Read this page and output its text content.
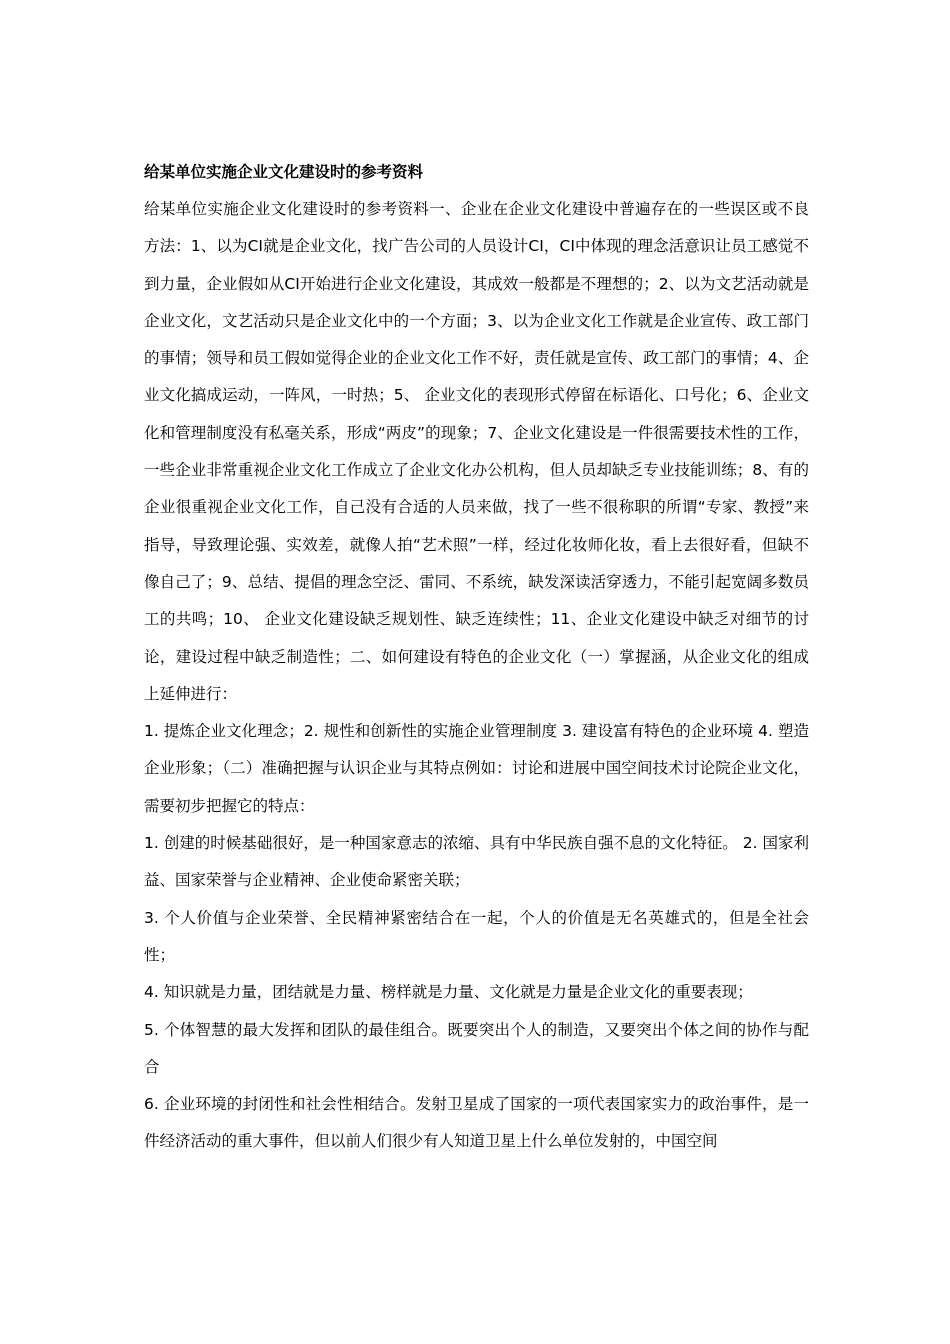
给某单位实施企业文化建设时的参考资料

给某单位实施企业文化建设时的参考资料一、企业在企业文化建设中普遍存在的一些误区或不良方法：1、以为CI就是企业文化，找广告公司的人员设计CI，CI中体现的理念活意识让员工感觉不到力量，企业假如从CI开始进行企业文化建设，其成效一般都是不理想的；2、以为文艺活动就是企业文化，文艺活动只是企业文化中的一个方面；3、以为企业文化工作就是企业宣传、政工部门的事情；领导和员工假如觉得企业的企业文化工作不好，责任就是宣传、政工部门的事情；4、企业文化搞成运动，一阵风，一时热；5、 企业文化的表现形式停留在标语化、口号化；6、企业文化和管理制度没有私毫关系，形成“两皮”的现象；7、企业文化建设是一件很需要技术性的工作，一些企业非常重视企业文化工作成立了企业文化办公机构，但人员却缺乏专业技能训练；8、有的企业很重视企业文化工作，自己没有合适的人员来做，找了一些不很称职的所谓“专家、教授”来指导，导致理论强、实效差，就像人拍“艺术照”一样，经过化妆师化妆，看上去很好看，但缺不像自己了；9、总结、提倡的理念空泛、雷同、不系统，缺发深读活穿透力，不能引起宽阔多数员工的共鸣；10、 企业文化建设缺乏规划性、缺乏连续性；11、企业文化建设中缺乏对细节的讨论，建设过程中缺乏制造性；二、如何建设有特色的企业文化（一）掌握涵，从企业文化的组成上延伸进行：

1. 提炼企业文化理念；2. 规性和创新性的实施企业管理制度 3. 建设富有特色的企业环境 4. 塑造企业形象；（二）准确把握与认识企业与其特点例如：讨论和进展中国空间技术讨论院企业文化，需要初步把握它的特点：

1. 创建的时候基础很好，是一种国家意志的浓缩、具有中华民族自强不息的文化特征。 2. 国家利益、国家荣誉与企业精神、企业使命紧密关联；

3. 个人价值与企业荣誉、全民精神紧密结合在一起，个人的价值是无名英雄式的，但是全社会性；

4. 知识就是力量，团结就是力量、榜样就是力量、文化就是力量是企业文化的重要表现；

5. 个体智慧的最大发挥和团队的最佳组合。既要突出个人的制造，又要突出个体之间的协作与配合

6. 企业环境的封闭性和社会性相结合。发射卫星成了国家的一项代表国家实力的政治事件，是一件经济活动的重大事件，但以前人们很少有人知道卫星上什么单位发射的，中国空间
